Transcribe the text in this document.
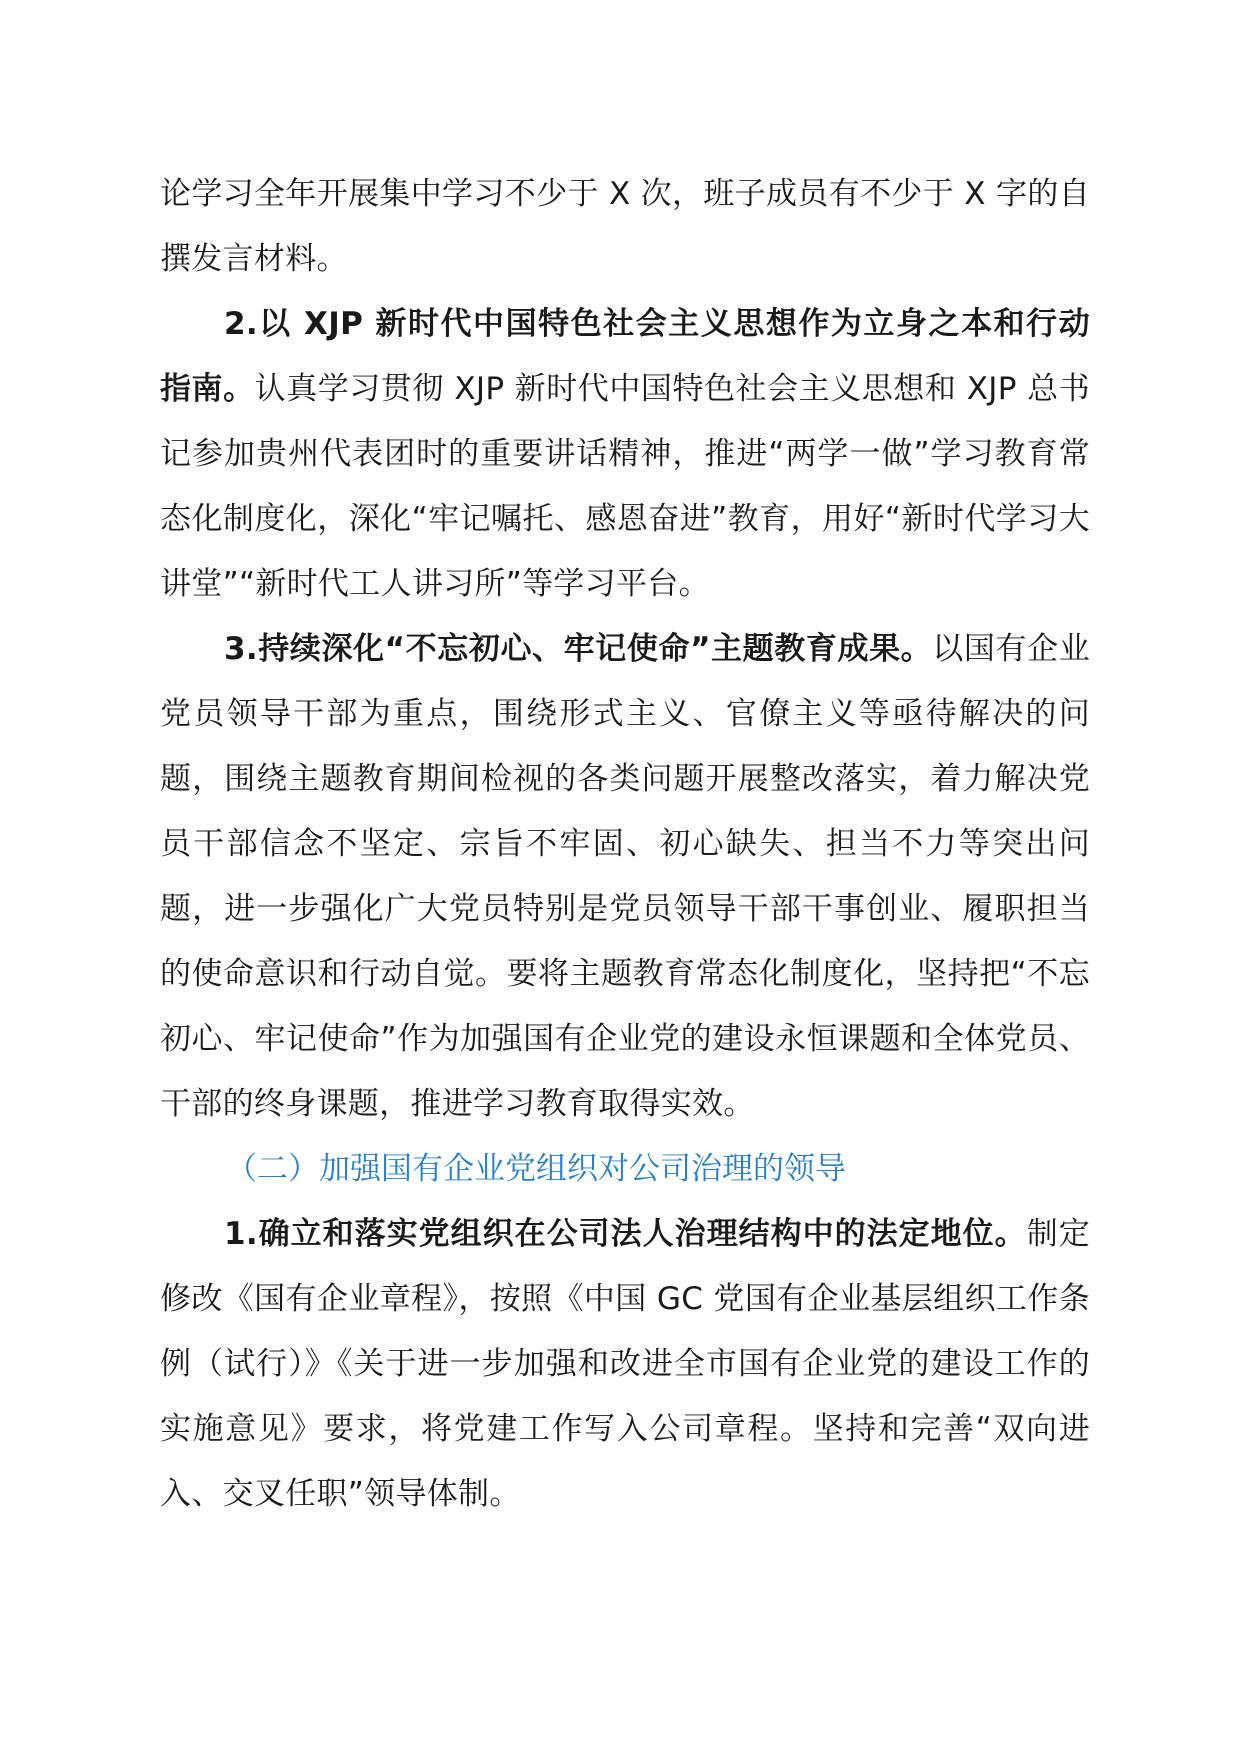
论学习全年开展集中学习不少于 X 次，班子成员有不少于 X 字的自撰发言材料。

2.以 XJP 新时代中国特色社会主义思想作为立身之本和行动指南。认真学习贯彻 XJP 新时代中国特色社会主义思想和 XJP 总书记参加贵州代表团时的重要讲话精神，推进“两学一做”学习教育常态化制度化，深化“牢记嘱托、感恩奋进”教育，用好“新时代学习大讲堂”“新时代工人讲习所”等学习平台。

3.持续深化“不忘初心、牢记使命”主题教育成果。以国有企业党员领导干部为重点，围绕形式主义、官僚主义等亟待解决的问题，围绕主题教育期间检视的各类问题开展整改落实，着力解决党员干部信念不坚定、宗旨不牢固、初心缺失、担当不力等突出问题，进一步强化广大党员特别是党员领导干部干事创业、履职担当的使命意识和行动自觉。要将主题教育常态化制度化，坚持把“不忘初心、牢记使命”作为加强国有企业党的建设永恒课题和全体党员、干部的终身课题，推进学习教育取得实效。

（二）加强国有企业党组织对公司治理的领导

1.确立和落实党组织在公司法人治理结构中的法定地位。制定修改《国有企业章程》，按照《中国 GC 党国有企业基层组织工作条例（试行）》《关于进一步加强和改进全市国有企业党的建设工作的实施意见》要求，将党建工作写入公司章程。坚持和完善“双向进入、交叉任职”领导体制。
